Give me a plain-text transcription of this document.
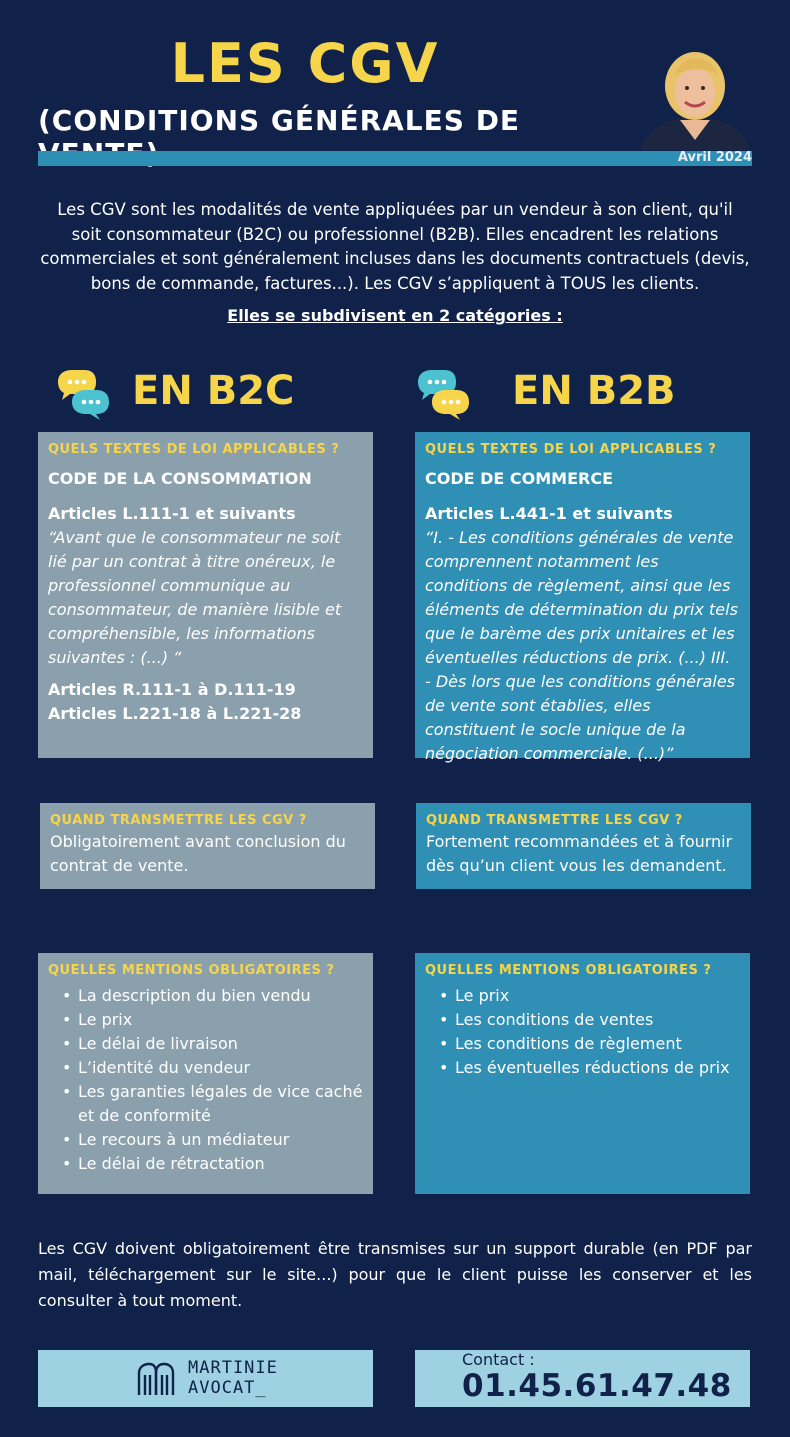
LES CGV
(CONDITIONS GÉNÉRALES DE
Avril 2024
Les CGV sont les modalités de vente appliquées par un vendeur à son client, qu'il soit consommateur (B2C) ou professionnel (B2B). Elles encadrent les relations commerciales et sont généralement incluses dans les documents contractuels (devis, bons de commande, factures...). Les CGV s’appliquent à TOUS les clients.
Elles se subdivisent en 2 catégories :
EN B2C	EN B2B
QUELS TEXTES DE LOI APPLICABLES ?
CODE DE LA CONSOMMATION
Articles L.111-1 et suivants
“Avant que le consommateur ne soit lié par un contrat à titre onéreux, le professionnel communique au consommateur, de manière lisible et compréhensible, les informations suivantes : (...) “
Articles R.111-1 à D.111-19
Articles L.221-18 à L.221-28
QUELS TEXTES DE LOI APPLICABLES ?
CODE DE COMMERCE
Articles L.441-1 et suivants
“I. - Les conditions générales de vente comprennent notamment les conditions de règlement, ainsi que les éléments de détermination du prix tels que le barème des prix unitaires et les éventuelles réductions de prix. (...) III. - Dès lors que les conditions générales de vente sont établies, elles constituent le socle unique de la négociation commerciale. (...)”
QUAND TRANSMETTRE LES CGV ?
Obligatoirement avant conclusion du contrat de vente.
QUAND TRANSMETTRE LES CGV ?
Fortement recommandées et à fournir dès qu’un client vous les demandent.
QUELLES MENTIONS OBLIGATOIRES ?
• La description du bien vendu
• Le prix
• Le délai de livraison
• L’identité du vendeur
• Les garanties légales de vice caché et de conformité
• Le recours à un médiateur
• Le délai de rétractation
QUELLES MENTIONS OBLIGATOIRES ?
• Le prix
• Les conditions de ventes
• Les conditions de règlement
• Les éventuelles réductions de prix
Les CGV doivent obligatoirement être transmises sur un support durable (en PDF par mail, téléchargement sur le site...) pour que le client puisse les conserver et les consulter à tout moment.
MARTINIE
AVOCAT_
Contact :
01.45.61.47.48
